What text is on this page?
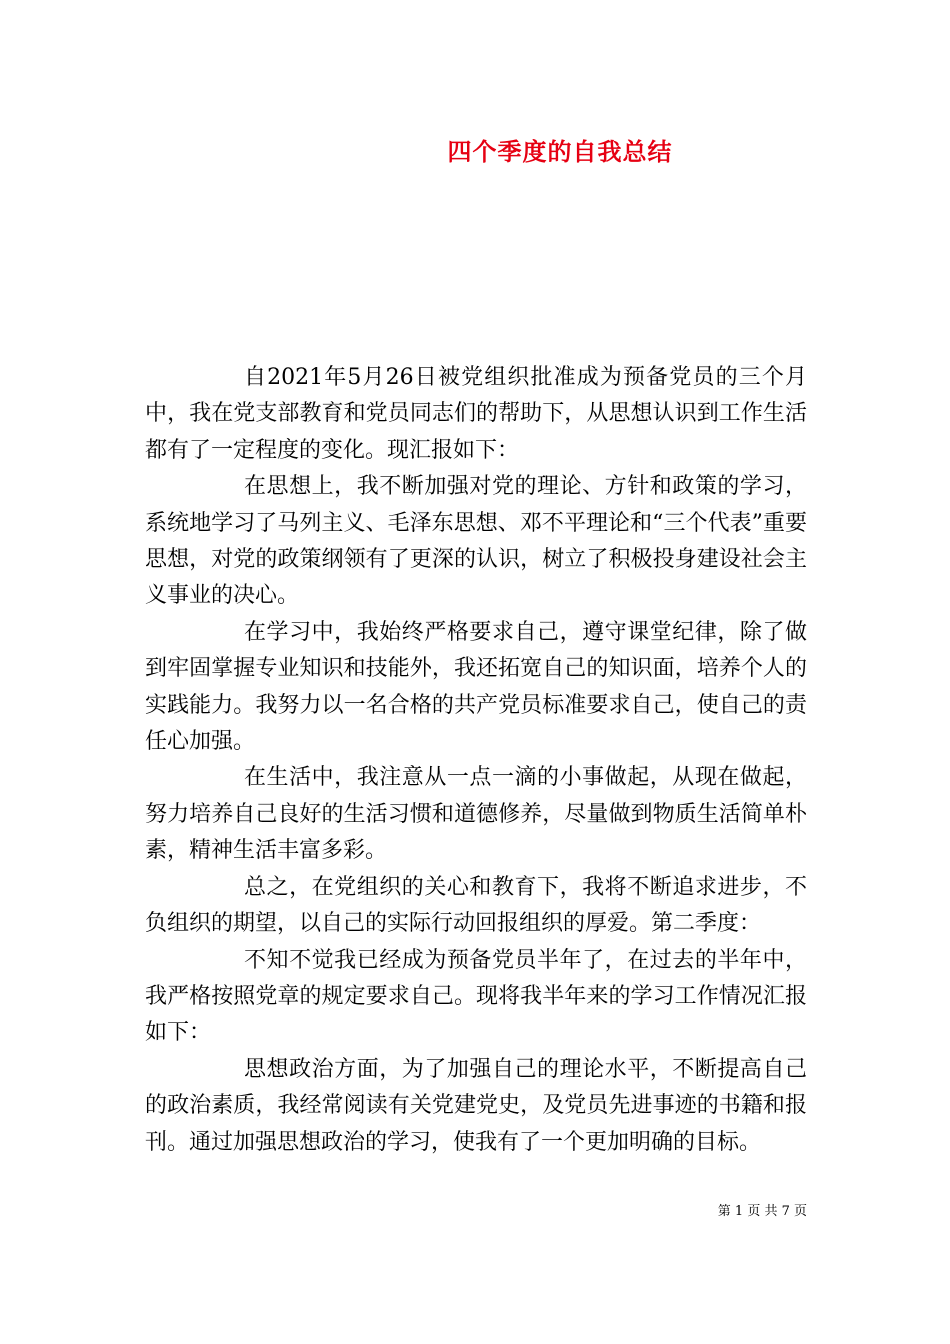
四个季度的自我总结

自2021年5月26日被党组织批准成为预备党员的三个月中，我在党支部教育和党员同志们的帮助下，从思想认识到工作生活都有了一定程度的变化。现汇报如下：

在思想上，我不断加强对党的理论、方针和政策的学习，系统地学习了马列主义、毛泽东思想、邓不平理论和“三个代表”重要思想，对党的政策纲领有了更深的认识，树立了积极投身建设社会主义事业的决心。

在学习中，我始终严格要求自己，遵守课堂纪律，除了做到牢固掌握专业知识和技能外，我还拓宽自己的知识面，培养个人的实践能力。我努力以一名合格的共产党员标准要求自己，使自己的责任心加强。

在生活中，我注意从一点一滴的小事做起，从现在做起，努力培养自己良好的生活习惯和道德修养，尽量做到物质生活简单朴素，精神生活丰富多彩。

总之，在党组织的关心和教育下，我将不断追求进步，不负组织的期望，以自己的实际行动回报组织的厚爱。第二季度：

不知不觉我已经成为预备党员半年了，在过去的半年中，我严格按照党章的规定要求自己。现将我半年来的学习工作情况汇报如下：

思想政治方面，为了加强自己的理论水平，不断提高自己的政治素质，我经常阅读有关党建党史，及党员先进事迹的书籍和报刊。通过加强思想政治的学习，使我有了一个更加明确的目标。

第 1 页 共 7 页
